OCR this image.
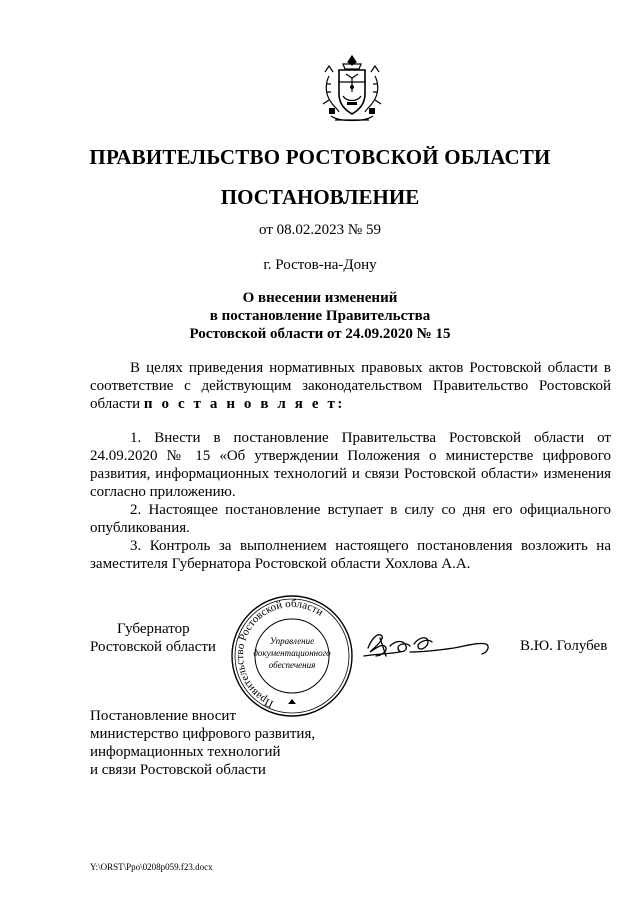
ПРАВИТЕЛЬСТВО РОСТОВСКОЙ ОБЛАСТИ
ПОСТАНОВЛЕНИЕ
от 08.02.2023 № 59
г. Ростов-на-Дону
О внесении изменений
в постановление Правительства
Ростовской области от 24.09.2020 № 15

В целях приведения нормативных правовых актов Ростовской области в соответствие с действующим законодательством Правительство Ростовской области п о с т а н о в л я е т:

1. Внести в постановление Правительства Ростовской области от 24.09.2020 № 15 «Об утверждении Положения о министерстве цифрового развития, информационных технологий и связи Ростовской области» изменения согласно приложению.

2. Настоящее постановление вступает в силу со дня его официального опубликования.

3. Контроль за выполнением настоящего постановления возложить на заместителя Губернатора Ростовской области Хохлова А.А.

Губернатор
Ростовской области
Правительство Ростовской области
Управление
документационного
обеспечения
В.Ю. Голубев
Постановление вносит
министерство цифрового развития,
информационных технологий
и связи Ростовской области
Y:\ORST\Ppo\0208p059.f23.docx
